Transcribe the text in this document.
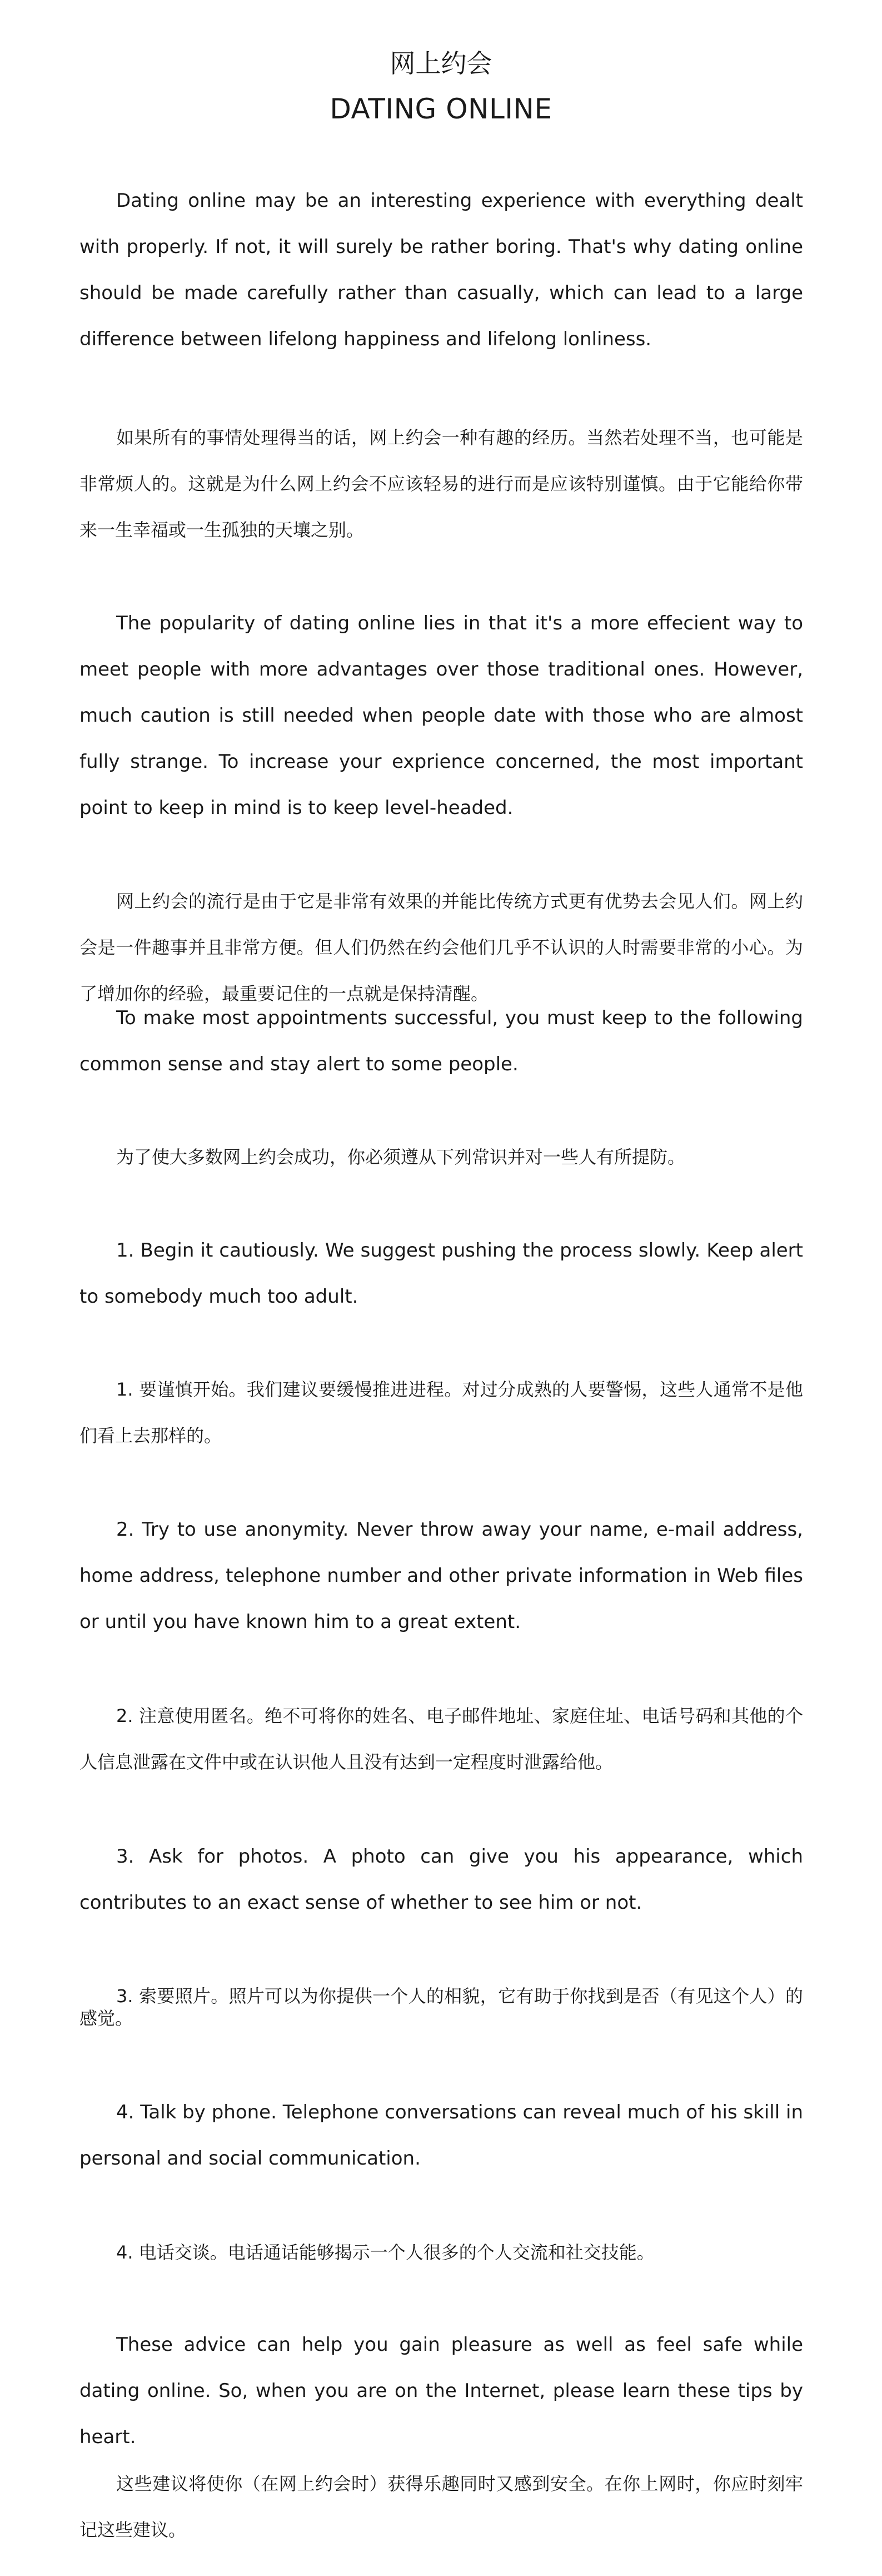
网上约会
DATING ONLINE

Dating online may be an interesting experience with everything dealt with properly. If not, it will surely be rather boring. That's why dating online should be made carefully rather than casually, which can lead to a large difference between lifelong happiness and lifelong lonliness.

如果所有的事情处理得当的话，网上约会一种有趣的经历。当然若处理不当，也可能是非常烦人的。这就是为什么网上约会不应该轻易的进行而是应该特别谨慎。由于它能给你带来一生幸福或一生孤独的天壤之别。

The popularity of dating online lies in that it's a more effecient way to meet people with more advantages over those traditional ones. However, much caution is still needed when people date with those who are almost fully strange. To increase your exprience concerned, the most important point to keep in mind is to keep level-headed.

网上约会的流行是由于它是非常有效果的并能比传统方式更有优势去会见人们。网上约会是一件趣事并且非常方便。但人们仍然在约会他们几乎不认识的人时需要非常的小心。为了增加你的经验，最重要记住的一点就是保持清醒。

To make most appointments successful, you must keep to the following common sense and stay alert to some people.

为了使大多数网上约会成功，你必须遵从下列常识并对一些人有所提防。

1. Begin it cautiously. We suggest pushing the process slowly. Keep alert to somebody much too adult.

1. 要谨慎开始。我们建议要缓慢推进进程。对过分成熟的人要警惕，这些人通常不是他们看上去那样的。

2. Try to use anonymity. Never throw away your name, e-mail address, home address, telephone number and other private information in Web files or until you have known him to a great extent.

2. 注意使用匿名。绝不可将你的姓名、电子邮件地址、家庭住址、电话号码和其他的个人信息泄露在文件中或在认识他人且没有达到一定程度时泄露给他。

3. Ask for photos. A photo can give you his appearance, which contributes to an exact sense of whether to see him or not.

3. 索要照片。照片可以为你提供一个人的相貌，它有助于你找到是否（有见这个人）的感觉。

4. Talk by phone. Telephone conversations can reveal much of his skill in personal and social communication.

4. 电话交谈。电话通话能够揭示一个人很多的个人交流和社交技能。

These advice can help you gain pleasure as well as feel safe while dating online. So, when you are on the Internet, please learn these tips by heart.

这些建议将使你（在网上约会时）获得乐趣同时又感到安全。在你上网时，你应时刻牢记这些建议。
